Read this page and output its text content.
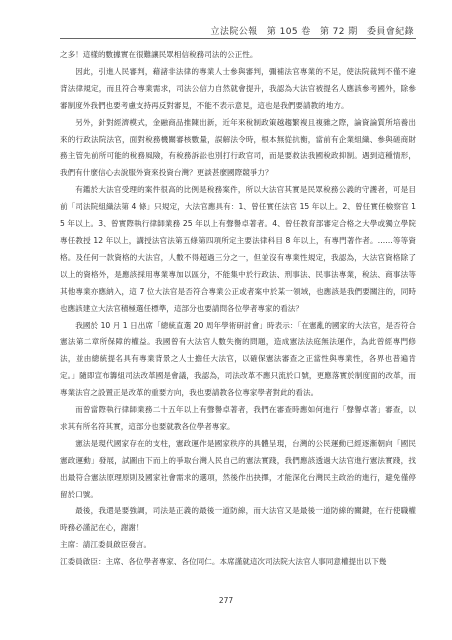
立法院公報　第 105 卷　第 72 期　委員會紀錄

之多！這樣的數據實在很難讓民眾相信稅務司法的公正性。

因此，引進人民審判，藉諸非法律的專業人士參與審判，彌補法官專業的不足，使法院裁判不僅不違背法律規定，而且符合專業需求，司法公信力自然就會提升，我認為大法官被提名人應該參考國外，除參審制度外我們也要考慮支持再反對審見，不能不表示意見，這也是我們要請教的地方。

另外，針對經濟模式，金融商品推陳出新，近年來稅制政策越趨繁複且複雜之際，論資論質所培養出來的行政法院法官，面對稅務機關審核數量，誤解法令時，根本無從抗衡，當前有企業組織、參與磋商財務主管先前所可能的稅務風險，有稅務訴訟也別打行政官司，而是要救法我國稅政抑制。遇到這種情形，我們有什麼信心去說服外資來投資台灣？更談甚麼國際競爭力？

有鑑於大法官受理的案件很高的比例是稅務案件，所以大法官其實是民眾稅務公義的守護者，可是目前「司法院組織法第 4 條」只規定，大法官應具有：1、曾任實任法官 15 年以上。2、曾任實任檢察官 15 年以上。3、曾實際執行律師業務 25 年以上有聲譽卓著者。4、曾任教育部審定合格之大學或獨立學院專任教授 12 年以上，講授法官法第五條第四項所定主要法律科目 8 年以上，有專門著作者。……等等資格。及任何一款資格的大法官，人數不得超過三分之一，但並沒有專業性規定，我認為，大法官資格除了以上的資格外，是應該採用專業專加以區分，不能集中於行政法、刑事法、民事法專業，稅法、商事法等其他專業亦應納入，這 7 位大法官是否符合專業公正或者案中於某一領域，也應該是我們要關注的，同時也應該建立大法官積極選任標準，這部分也要請問各位學者專家的看法？

我國於 10 月 1 日出席「總統直選 20 周年學術研討會」時表示：「在憲亂的國家的大法官，是否符合憲法第二章所保障的權益。我國曾有大法官人數失衡的問題，造成憲法法庭無法運作，為此曾經專門修法，並由總統提名具有專業背景之人士擔任大法官，以確保憲法審查之正當性與專業性，各界也普遍肯定。」隨即宣布籌組司法改革國是會議，我認為，司法改革不應只流於口號，更應落實於制度面的改革，而專業法官之設置正是改革的重要方向，我也要請教各位專家學者對此的看法。

而曾當際執行律師業務二十五年以上有聲譽卓著者，我們在審查時應如何進行「聲譽卓著」審查，以求其有所名符其實，這部分也要就教各位學者專家。

憲法是現代國家存在的支柱，憲政運作是國家秩序的具體呈現，台灣的公民運動已經逐漸朝向「國民憲政運動」發展，試圖由下而上的爭取台灣人民自己的憲法實踐，我們應該透過大法官進行憲法實踐，找出最符合憲法原理原則及國家社會需求的選項，然後作出抉擇，才能深化台灣民主政治的進行，避免僅停留於口號。

最後，我還是要強調，司法是正義的最後一道防線，而大法官又是最後一道防線的關鍵，在行使職權時務必謹記在心，謝謝！

主席：請江委員啟臣發言。

江委員啟臣：主席、各位學者專家、各位同仁。本席謹就這次司法院大法官人事同意權提出以下幾

277
